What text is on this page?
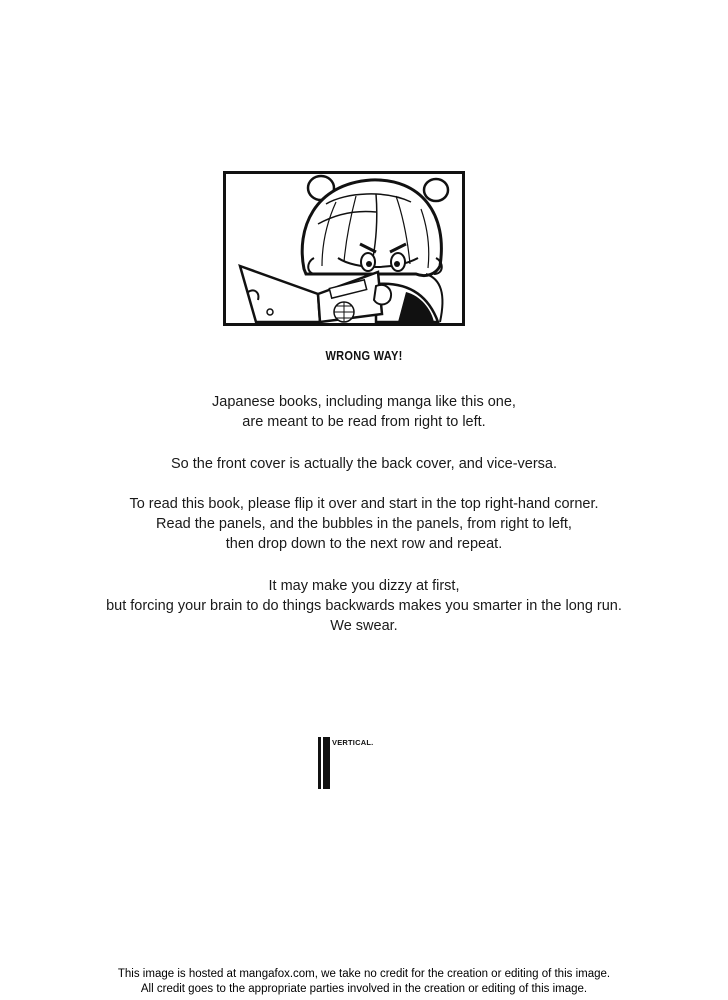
WRONG WAY!
Japanese books, including manga like this one,
are meant to be read from right to left.
So the front cover is actually the back cover, and vice-versa.
To read this book, please flip it over and start in the top right-hand corner.
Read the panels, and the bubbles in the panels, from right to left,
then drop down to the next row and repeat.
It may make you dizzy at first,
but forcing your brain to do things backwards makes you smarter in the long run.
We swear.
VERTICAL.
This image is hosted at mangafox.com, we take no credit for the creation or editing of this image.
All credit goes to the appropriate parties involved in the creation or editing of this image.
